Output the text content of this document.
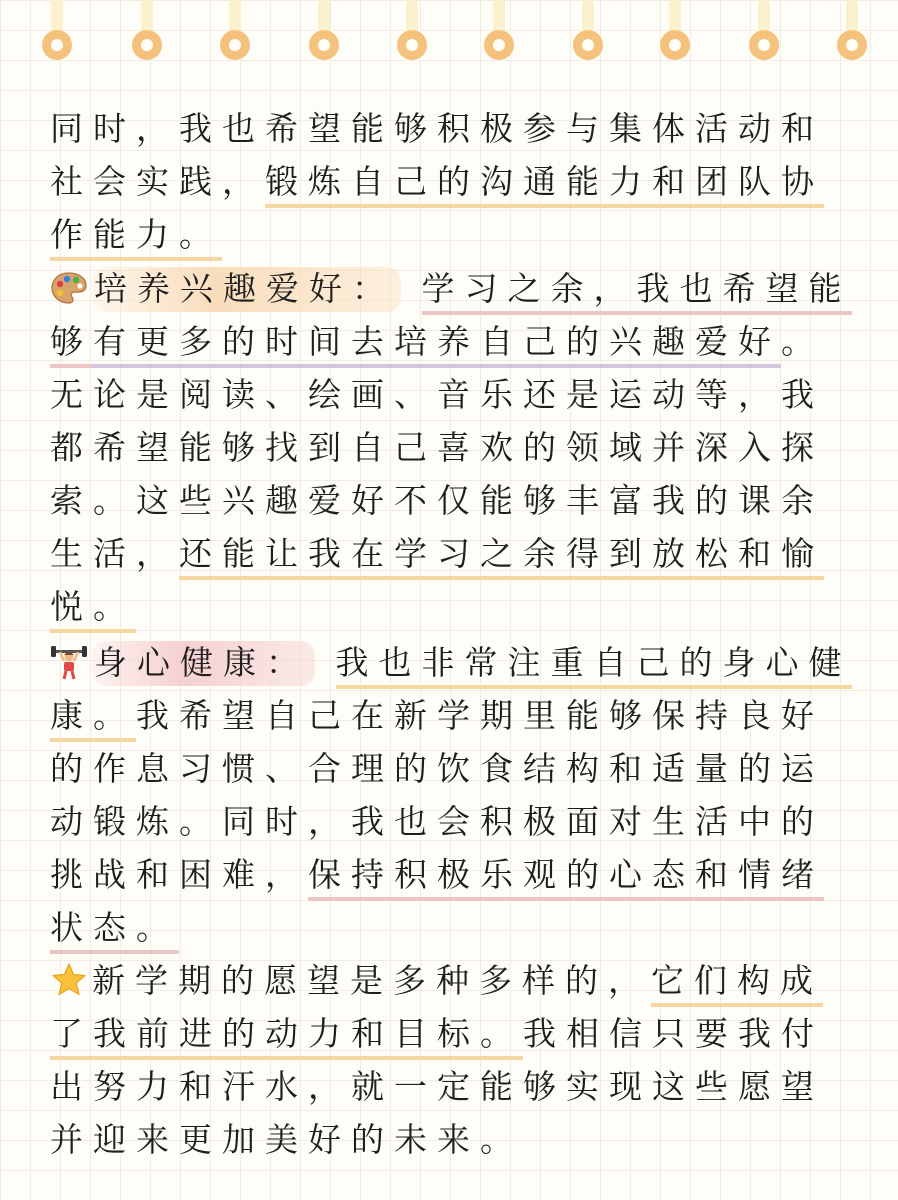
同时，我也希望能够积极参与集体活动和社会实践，锻炼自己的沟通能力和团队协作能力。
培养兴趣爱好： 学习之余，我也希望能够有更多的时间去培养自己的兴趣爱好。无论是阅读、绘画、音乐还是运动等，我都希望能够找到自己喜欢的领域并深入探索。这些兴趣爱好不仅能够丰富我的课余生活，还能让我在学习之余得到放松和愉悦。
身心健康： 我也非常注重自己的身心健康。我希望自己在新学期里能够保持良好的作息习惯、合理的饮食结构和适量的运动锻炼。同时，我也会积极面对生活中的挑战和困难，保持积极乐观的心态和情绪状态。
新学期的愿望是多种多样的，它们构成了我前进的动力和目标。我相信只要我付出努力和汗水，就一定能够实现这些愿望并迎来更加美好的未来。
